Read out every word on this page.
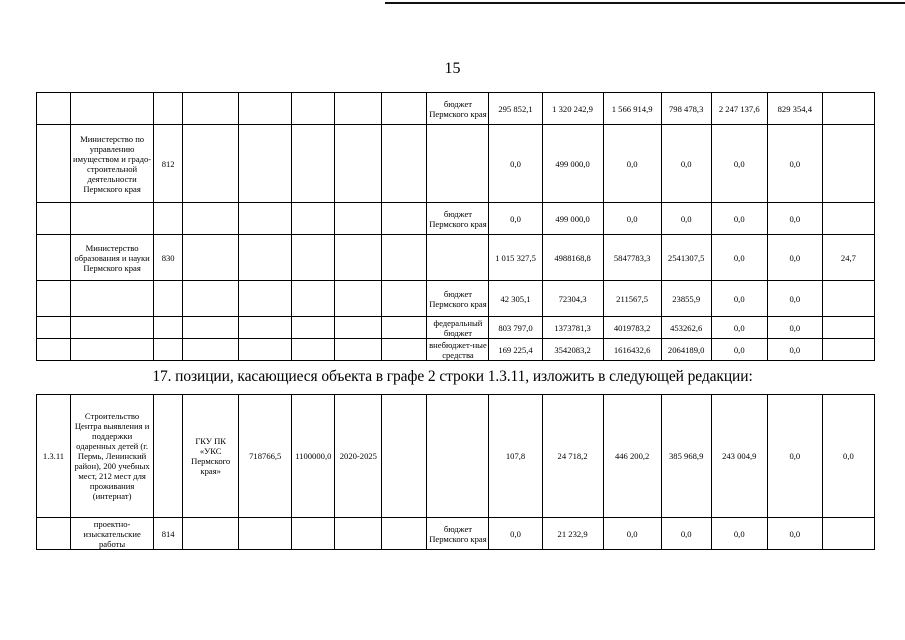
15
								бюджет Пермского края	295 852,1	1 320 242,9	1 566 914,9	798 478,3	2 247 137,6	829 354,4	
	Министерство по управлению имуществом и градо-строительной деятельности Пермского края	812							0,0	499 000,0	0,0	0,0	0,0	0,0	
								бюджет Пермского края	0,0	499 000,0	0,0	0,0	0,0	0,0	
	Министерство образования и науки Пермского края	830							1 015 327,5	4988168,8	5847783,3	2541307,5	0,0	0,0	24,7
								бюджет Пермского края	42 305,1	72304,3	211567,5	23855,9	0,0	0,0	
								федеральный бюджет	803 797,0	1373781,3	4019783,2	453262,6	0,0	0,0	
								внебюджет-ные средства	169 225,4	3542083,2	1616432,6	2064189,0	0,0	0,0	
17. позиции, касающиеся объекта в графе 2 строки 1.3.11, изложить в следующей редакции:
1.3.11	Строительство Центра выявления и поддержки одаренных детей (г. Пермь, Ленинский район), 200 учебных мест, 212 мест для проживания (интернат)		ГКУ ПК «УКС Пермского края»	718766,5	1100000,0	2020-2025			107,8	24 718,2	446 200,2	385 968,9	243 004,9	0,0	0,0
	проектно-изыскательские работы	814						бюджет Пермского края	0,0	21 232,9	0,0	0,0	0,0	0,0	
